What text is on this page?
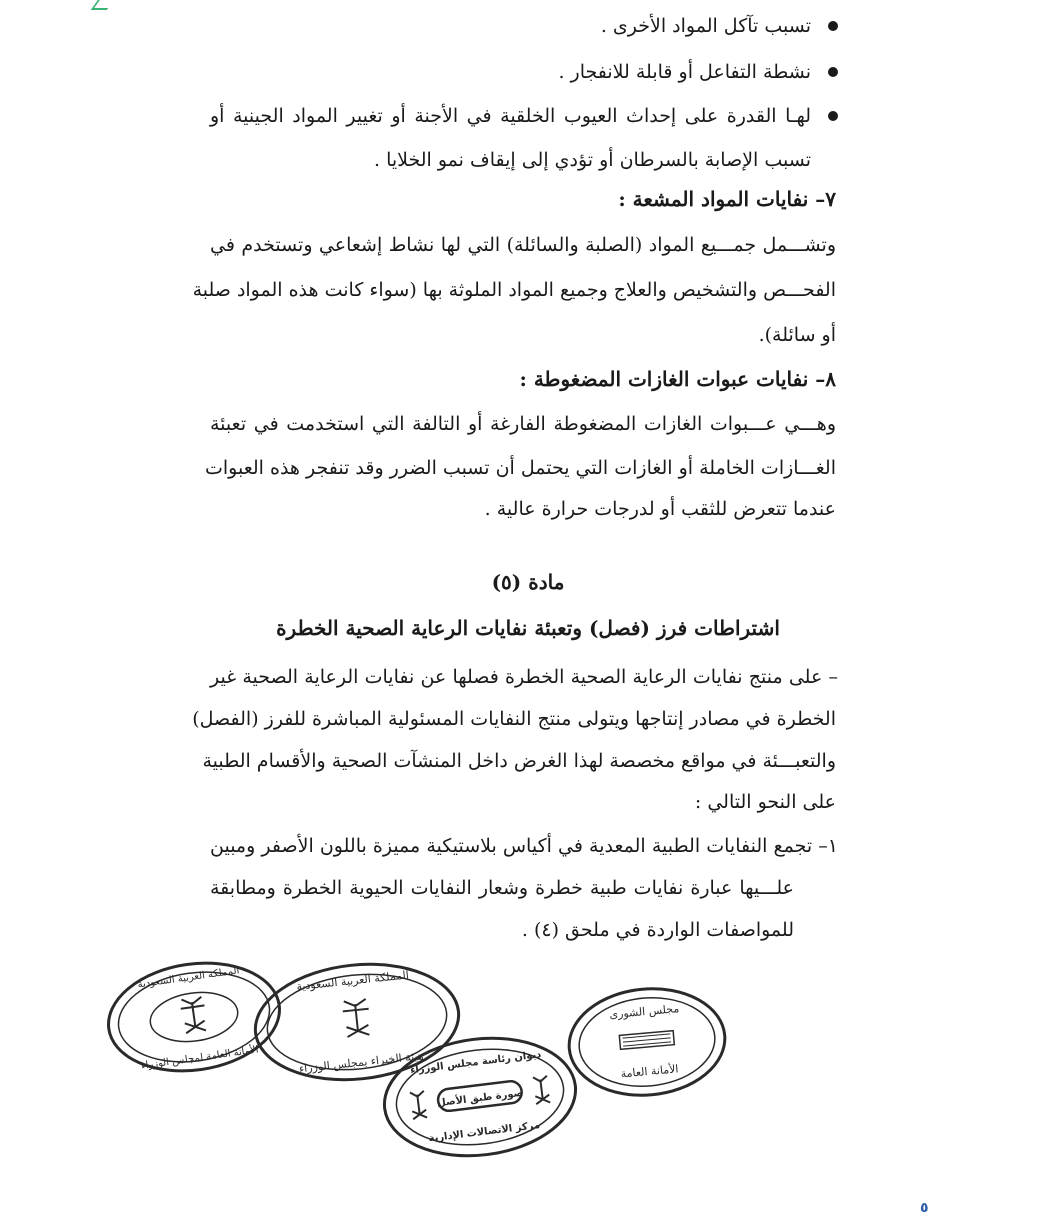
تسبب تآكل المواد الأخرى .

نشطة التفاعل أو قابلة للانفجار .

لهـا القدرة على إحداث العيوب الخلقية في الأجنة أو تغيير المواد الجينية أو

تسبب الإصابة بالسرطان أو تؤدي إلى إيقاف نمو الخلايا .

٧– نفايات المواد المشعة :

وتشـــمل جمـــيع المواد (الصلبة والسائلة) التي لها نشاط إشعاعي وتستخدم في

الفحـــص والتشخيص والعلاج وجميع المواد الملوثة بها (سواء كانت هذه المواد صلبة

أو سائلة).

٨– نفايات عبوات الغازات المضغوطة :

وهـــي عـــبوات الغازات المضغوطة الفارغة أو التالفة التي استخدمت في تعبئة

الغـــازات الخاملة أو الغازات التي يحتمل أن تسبب الضرر وقد تنفجر هذه العبوات

عندما تتعرض للثقب أو لدرجات حرارة عالية .

مادة (٥)

اشتراطات فرز (فصل) وتعبئة نفايات الرعاية الصحية الخطرة

– على منتج نفايات الرعاية الصحية الخطرة فصلها عن نفايات الرعاية الصحية غير

الخطرة في مصادر إنتاجها ويتولى منتج النفايات المسئولية المباشرة للفرز (الفصل)

والتعبـــئة في مواقع مخصصة لهذا الغرض داخل المنشآت الصحية والأقسام الطبية

على النحو التالي :

١– تجمع النفايات الطبية المعدية في أكياس بلاستيكية مميزة باللون الأصفر ومبين

علـــيها عبارة نفايات طبية خطرة وشعار النفايات الحيوية الخطرة ومطابقة

للمواصفات الواردة في ملحق (٤) .

المملكة العربية السعودية
الأمانة العامة لمجلس الوزراء
المملكة العربية السعودية
هيئة الخبراء بمجلس الوزراء
ديوان رئاسة مجلس الوزراء
صورة طبق الأصل
مركز الاتصالات الإدارية
مجلس الشورى
الأمانة العامة
٥
